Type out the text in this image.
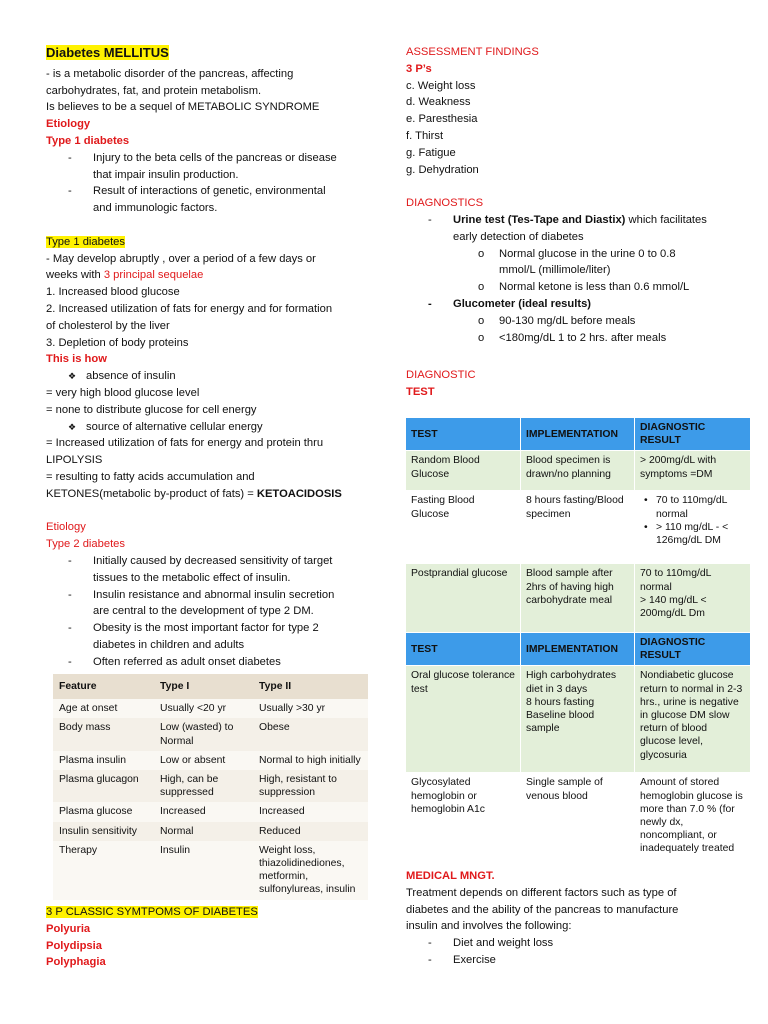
Diabetes MELLITUS
- is a metabolic disorder of the pancreas, affecting
carbohydrates, fat, and protein metabolism.
Is believes to be a sequel of METABOLIC SYNDROME
Etiology
Type 1 diabetes
- Injury to the beta cells of the pancreas or disease
that impair insulin production.
- Result of interactions of genetic, environmental
and immunologic factors.
Type 1 diabetes
- May develop abruptly , over a period of a few days or
weeks with 3 principal sequelae
1. Increased blood glucose
2. Increased utilization of fats for energy and for formation
of cholesterol by the liver
3. Depletion of body proteins
This is how
❖ absence of insulin
= very high blood glucose level
= none to distribute glucose for cell energy
❖ source of alternative cellular energy
= Increased utilization of fats for energy and protein thru
LIPOLYSIS
= resulting to fatty acids accumulation and
KETONES(metabolic by-product of fats) = KETOACIDOSIS
Etiology
Type 2 diabetes
- Initially caused by decreased sensitivity of target
tissues to the metabolic effect of insulin.
- Insulin resistance and abnormal insulin secretion
are central to the development of type 2 DM.
- Obesity is the most important factor for type 2
diabetes in children and adults
- Often referred as adult onset diabetes
Feature	Type I	Type II
Age at onset	Usually <20 yr	Usually >30 yr
Body mass	Low (wasted) to Normal	Obese
Plasma insulin	Low or absent	Normal to high initially
Plasma glucagon	High, can be suppressed	High, resistant to suppression
Plasma glucose	Increased	Increased
Insulin sensitivity	Normal	Reduced
Therapy	Insulin	Weight loss, thiazolidinediones, metformin, sulfonylureas, insulin
3 P CLASSIC SYMTPOMS OF DIABETES
Polyuria
Polydipsia
Polyphagia
ASSESSMENT FINDINGS
3 P’s
c. Weight loss
d. Weakness
e. Paresthesia
f. Thirst
g. Fatigue
g. Dehydration
DIAGNOSTICS
- Urine test (Tes-Tape and Diastix) which facilitates
early detection of diabetes
o Normal glucose in the urine 0 to 0.8
mmol/L (millimole/liter)
o Normal ketone is less than 0.6 mmol/L
- Glucometer (ideal results)
o 90-130 mg/dL before meals
o <180mg/dL 1 to 2 hrs. after meals
DIAGNOSTIC
TEST
TEST	IMPLEMENTATION	DIAGNOSTIC RESULT
Random Blood Glucose	Blood specimen is drawn/no planning	> 200mg/dL with symptoms =DM
Fasting Blood Glucose	8 hours fasting/Blood specimen	• 70 to 110mg/dL normal
• > 110 mg/dL - < 126mg/dL DM

Postprandial glucose	Blood sample after 2hrs of having high carbohydrate meal	70 to 110mg/dL normal
> 140 mg/dL < 200mg/dL Dm
TEST	IMPLEMENTATION	DIAGNOSTIC RESULT
Oral glucose tolerance test	High carbohydrates diet in 3 days
8 hours fasting
Baseline blood sample	Nondiabetic glucose return to normal in 2-3 hrs., urine is negative in glucose DM slow return of blood glucose level, glycosuria
Glycosylated hemoglobin or hemoglobin A1c	Single sample of venous blood	Amount of stored hemoglobin glucose is more than 7.0 % (for newly dx, noncompliant, or inadequately treated
MEDICAL MNGT.
Treatment depends on different factors such as type of
diabetes and the ability of the pancreas to manufacture
insulin and involves the following:
- Diet and weight loss
- Exercise
